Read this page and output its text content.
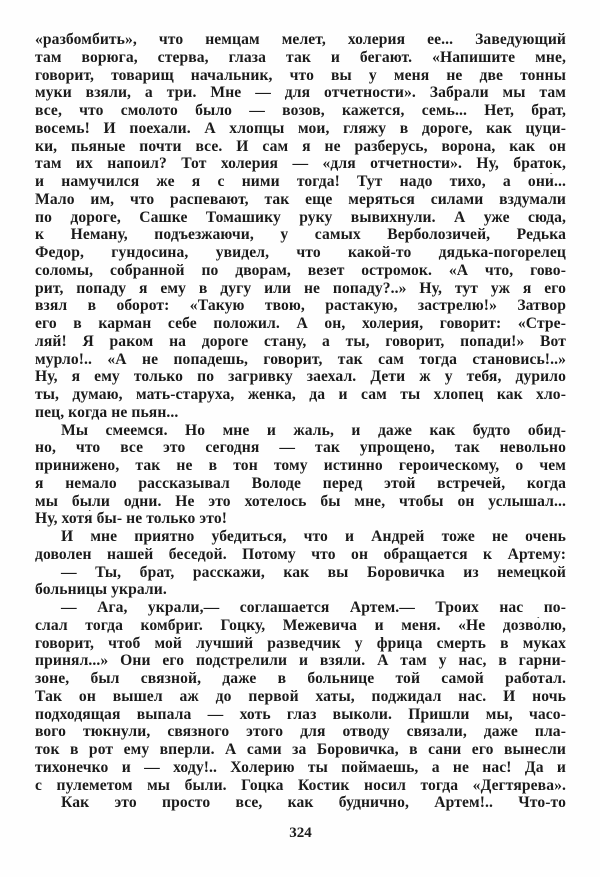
«разбомбить», что немцам мелет, холерия ее... Заведующий
там ворюга, стерва, глаза так и бегают. «Напишите мне,
говорит, товарищ начальник, что вы у меня не две тонны
муки взяли, а три. Мне — для отчетности». Забрали мы там
все, что смолото было — возов, кажется, семь... Нет, брат,
восемь! И поехали. А хлопцы мои, гляжу в дороге, как цуци-
ки, пьяные почти все. И сам я не разберусь, ворона, как он
там их напоил? Тот холерия — «для отчетности». Ну, браток,
и намучился же я с ними тогда! Тут надо тихо, а они́...
Мало им, что распевают, так еще меряться силами вздумали
по дороге, Сашке Томашику руку вывихнули. А уже сюда,
к Неману, подъезжаючи, у самых Верболозичей, Редька
Федор, гундосина, увидел, что какой-то дядька-погорелец
соломы, собранной по дворам, везет остромок. «А что, гово-
рит, попаду я ему в дугу или не попаду?..» Ну, тут уж я его
взял в оборот: «Такую твою, растакую, застрелю!» Затвор
его в карман себе положил. А он, холерия, говорит: «Стре-
ляй! Я раком на дороге стану, а ты, говорит, попади!» Вот
мурло!.. «А не попадешь, говорит, так сам тогда становись!..»
Ну, я ему только по загривку заехал. Дети ж у тебя, дурило
ты, думаю, мать-старуха, женка, да и сам ты хлопец как хло-
пец, когда не пьян...
Мы смеемся. Но мне и жаль, и даже как будто обид-
но, что все это сегодня — так упрощено, так невольно
принижено, так не в тон тому истинно героическому, о чем
я немало рассказывал Володе перед этой встречей, когда
мы были одни. Не это хотелось бы мне, чтобы он услышал...
Ну, хотя́ бы- не только это!
И мне приятно убедиться, что и Андрей тоже не очень
доволен нашей беседой. Потому что он обращается к Артему:
— Ты, брат, расскажи, как вы Боровичка из немецкой
больницы украли.
— Ага, украли,— соглашается Артем.— Троих нас по-
слал тогда комбриг. Гоцку, Межевича и меня. «Не дозво́лю,
говорит, чтоб мой лучший разведчик у фрица смерть в муках
принял...» Они его подстрелили и взяли. А там у нас, в гарни-
зоне, был связной, даже в больнице той самой работал.
Так он вышел аж до первой хаты, поджидал нас. И ночь
подходящая выпала — хоть глаз выколи. Пришли мы, часо-
вого тюкнули, связного этого для отводу связали, даже пла-
ток в рот ему вперли. А сами за Боровичка, в сани его вынесли
тихонечко и — ходу!.. Холерию ты поймаешь, а не нас! Да и
с пулеметом мы были. Гоцка Костик носил тогда «Дегтярева».
Как это просто все, как буднично, Артем!.. Что-то
324
